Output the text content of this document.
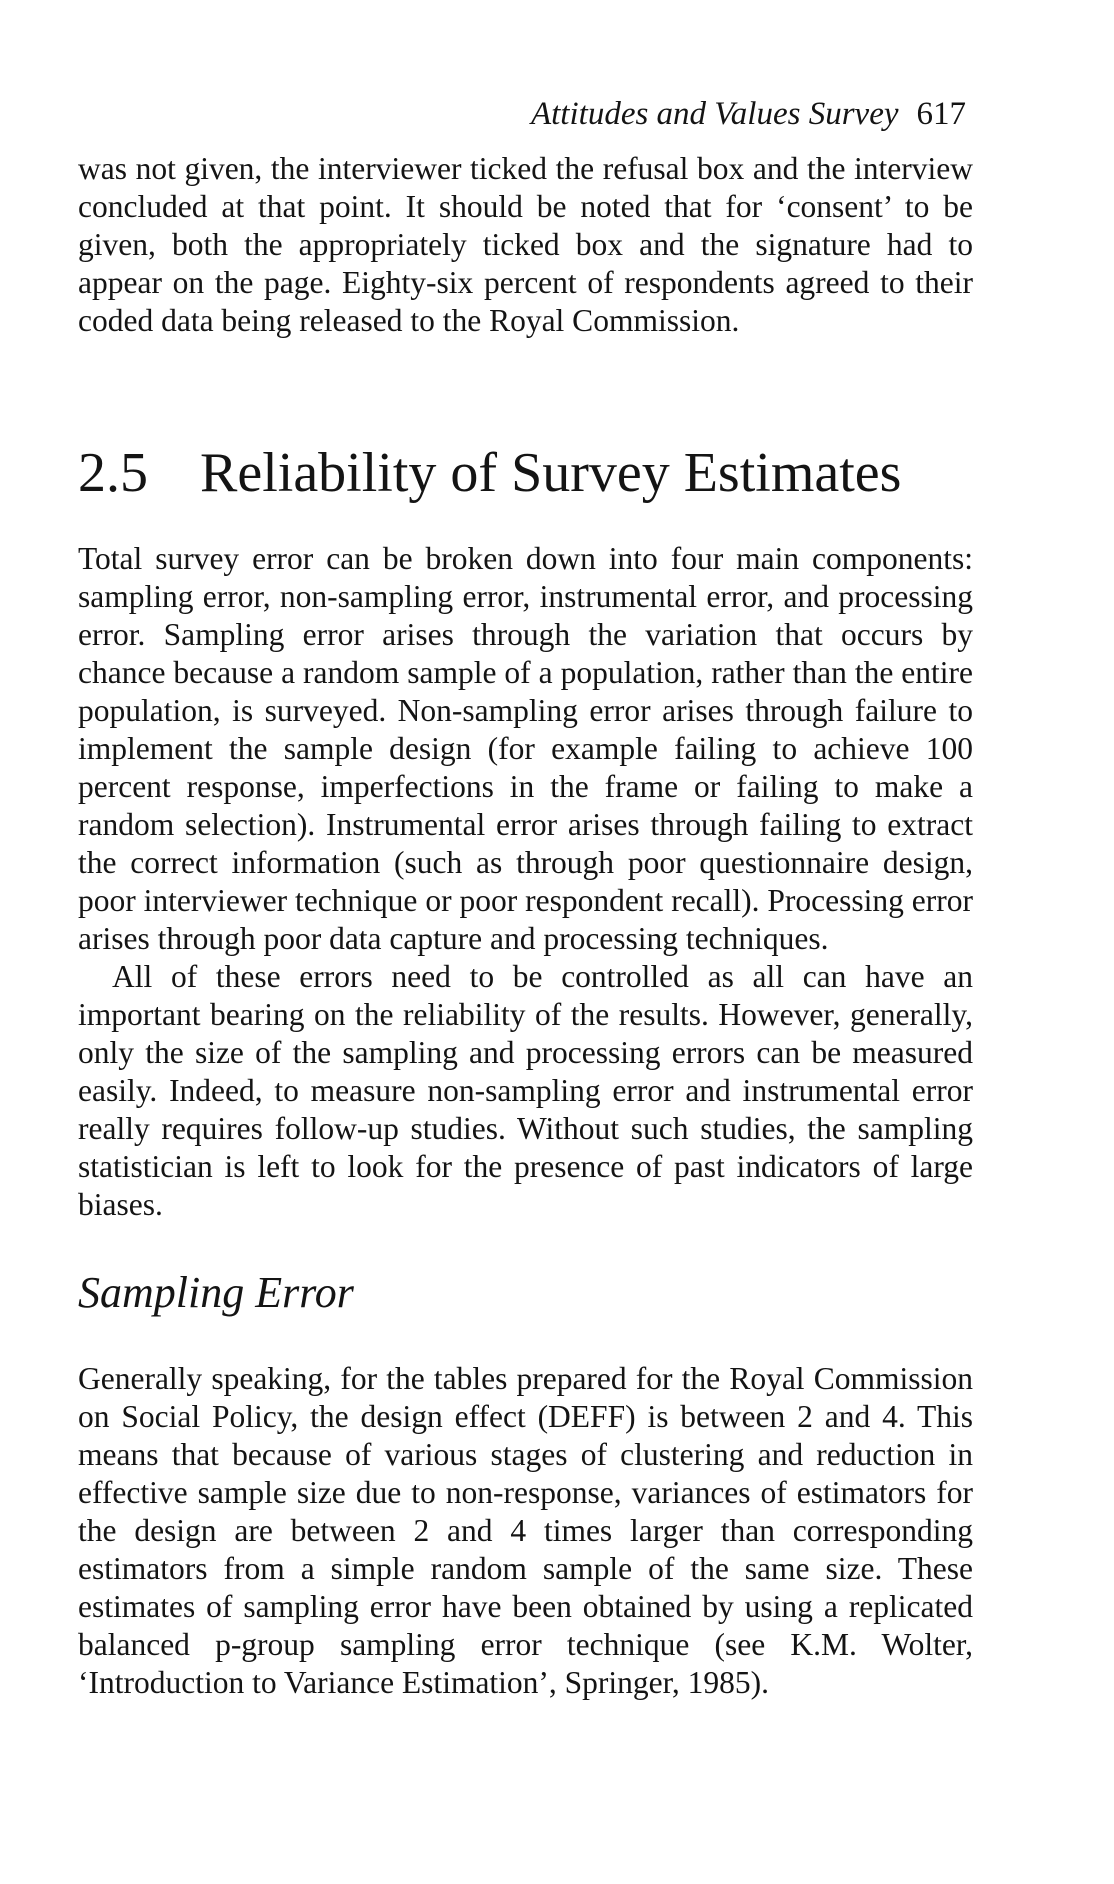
Attitudes and Values Survey 617

was not given, the interviewer ticked the refusal box and the interview concluded at that point. It should be noted that for ‘consent’ to be given, both the appropriately ticked box and the signature had to appear on the page. Eighty-six percent of respondents agreed to their coded data being released to the Royal Commission.

2.5 Reliability of Survey Estimates

Total survey error can be broken down into four main components: sampling error, non-sampling error, instrumental error, and processing error. Sampling error arises through the variation that occurs by chance because a random sample of a population, rather than the entire population, is surveyed. Non-sampling error arises through failure to implement the sample design (for example failing to achieve 100 percent response, imperfections in the frame or failing to make a random selection). Instrumental error arises through failing to extract the correct information (such as through poor questionnaire design, poor interviewer technique or poor respondent recall). Processing error arises through poor data capture and processing techniques.

All of these errors need to be controlled as all can have an important bearing on the reliability of the results. However, generally, only the size of the sampling and processing errors can be measured easily. Indeed, to measure non-sampling error and instrumental error really requires follow-up studies. Without such studies, the sampling statistician is left to look for the presence of past indicators of large biases.

Sampling Error

Generally speaking, for the tables prepared for the Royal Commission on Social Policy, the design effect (DEFF) is between 2 and 4. This means that because of various stages of clustering and reduction in effective sample size due to non-response, variances of estimators for the design are between 2 and 4 times larger than corresponding estimators from a simple random sample of the same size. These estimates of sampling error have been obtained by using a replicated balanced p-group sampling error technique (see K.M. Wolter, ‘Introduction to Variance Estimation’, Springer, 1985).
